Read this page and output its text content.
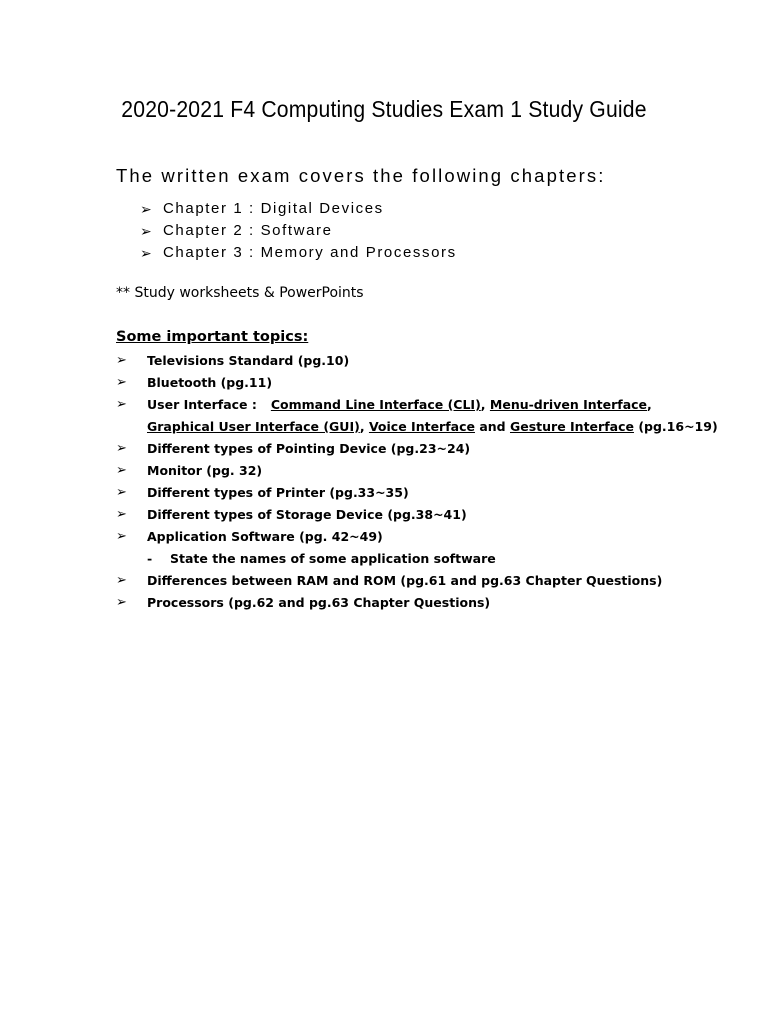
2020-2021 F4 Computing Studies Exam 1 Study Guide
The written exam covers the following chapters:
➢ Chapter 1 : Digital Devices
➢ Chapter 2 : Software
➢ Chapter 3 : Memory and Processors
** Study worksheets & PowerPoints
Some important topics:
➢	Televisions Standard (pg.10)
➢	Bluetooth (pg.11)
➢	User Interface : Command Line Interface (CLI) ,
Menu-driven Interface ,
Graphical User Interface (GUI) ,
Voice Interface
and
Gesture Interface
(pg.16~19)
➢	Different types of Pointing Device (pg.23~24)
➢	Monitor (pg. 32)
➢	Different types of Printer (pg.33~35)
➢	Different types of Storage Device (pg.38~41)
➢	Application Software (pg. 42~49)
-	State the names of some application software
➢	Differences between RAM and ROM (pg.61 and pg.63 Chapter Questions)
➢	Processors (pg.62 and pg.63 Chapter Questions)
